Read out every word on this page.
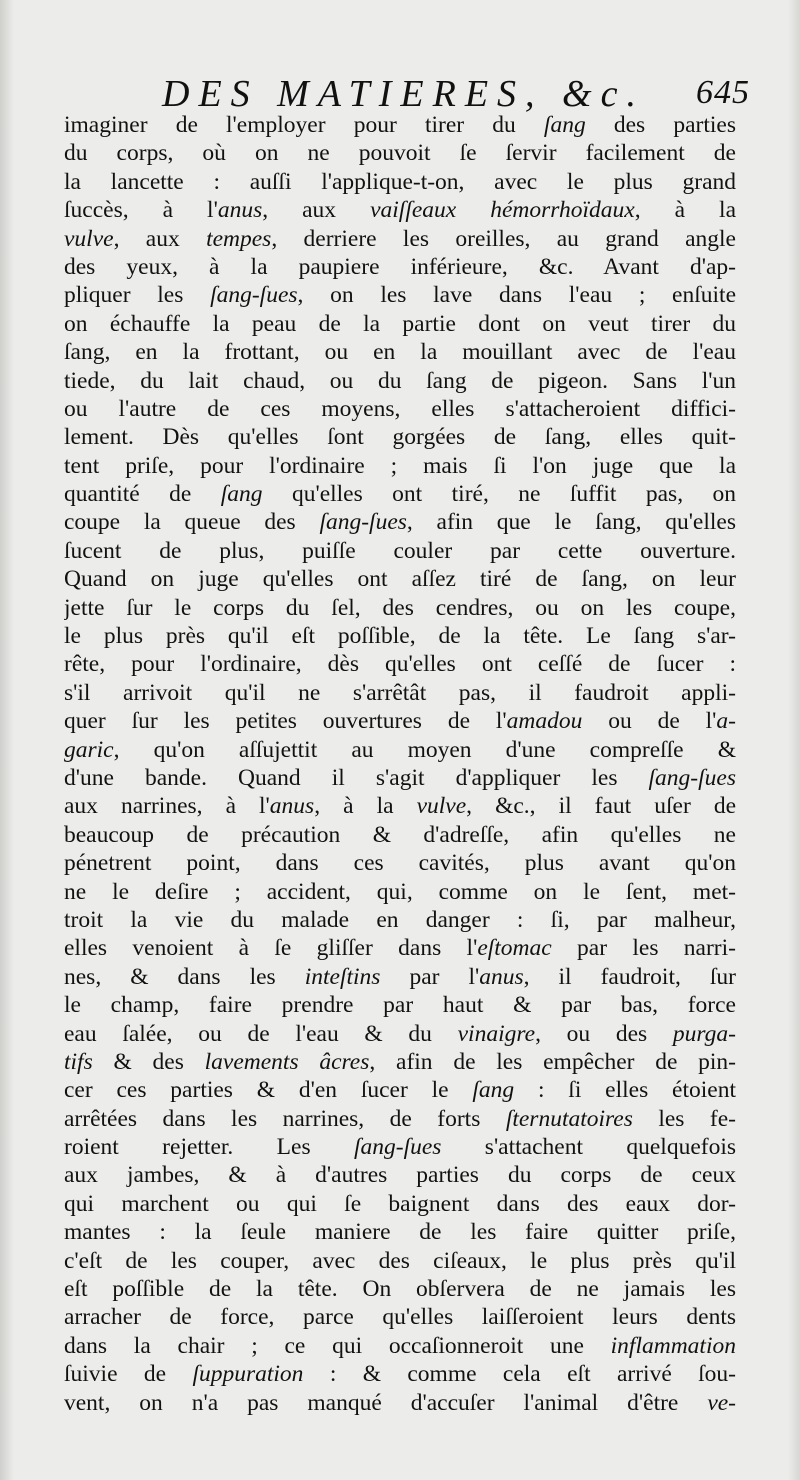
DES MATIERES, &c. 645
imaginer de l'employer pour tirer du ſang des parties
du corps, où on ne pouvoit ſe ſervir facilement de
la lancette : auſſi l'applique-t-on, avec le plus grand
ſuccès, à l'anus, aux vaiſſeaux hémorrhoïdaux, à la
vulve, aux tempes, derriere les oreilles, au grand angle
des yeux, à la paupiere inférieure, &c. Avant d'ap-
pliquer les ſang-ſues, on les lave dans l'eau ; enſuite
on échauffe la peau de la partie dont on veut tirer du
ſang, en la frottant, ou en la mouillant avec de l'eau
tiede, du lait chaud, ou du ſang de pigeon. Sans l'un
ou l'autre de ces moyens, elles s'attacheroient diffici-
lement. Dès qu'elles ſont gorgées de ſang, elles quit-
tent priſe, pour l'ordinaire ; mais ſi l'on juge que la
quantité de ſang qu'elles ont tiré, ne ſuffit pas, on
coupe la queue des ſang-ſues, afin que le ſang, qu'elles
ſucent de plus, puiſſe couler par cette ouverture.
Quand on juge qu'elles ont aſſez tiré de ſang, on leur
jette ſur le corps du ſel, des cendres, ou on les coupe,
le plus près qu'il eſt poſſible, de la tête. Le ſang s'ar-
rête, pour l'ordinaire, dès qu'elles ont ceſſé de ſucer :
s'il arrivoit qu'il ne s'arrêtât pas, il faudroit appli-
quer ſur les petites ouvertures de l'amadou ou de l'a-
garic, qu'on aſſujettit au moyen d'une compreſſe &
d'une bande. Quand il s'agit d'appliquer les ſang-ſues
aux narrines, à l'anus, à la vulve, &c., il faut uſer de
beaucoup de précaution & d'adreſſe, afin qu'elles ne
pénetrent point, dans ces cavités, plus avant qu'on
ne le deſire ; accident, qui, comme on le ſent, met-
troit la vie du malade en danger : ſi, par malheur,
elles venoient à ſe gliſſer dans l'eſtomac par les narri-
nes, & dans les inteſtins par l'anus, il faudroit, ſur
le champ, faire prendre par haut & par bas, force
eau ſalée, ou de l'eau & du vinaigre, ou des purga-
tifs & des lavements âcres, afin de les empêcher de pin-
cer ces parties & d'en ſucer le ſang : ſi elles étoient
arrêtées dans les narrines, de forts ſternutatoires les fe-
roient rejetter. Les ſang-ſues s'attachent quelquefois
aux jambes, & à d'autres parties du corps de ceux
qui marchent ou qui ſe baignent dans des eaux dor-
mantes : la ſeule maniere de les faire quitter priſe,
c'eſt de les couper, avec des ciſeaux, le plus près qu'il
eſt poſſible de la tête. On obſervera de ne jamais les
arracher de force, parce qu'elles laiſſeroient leurs dents
dans la chair ; ce qui occaſionneroit une inflammation
ſuivie de ſuppuration : & comme cela eſt arrivé ſou-
vent, on n'a pas manqué d'accuſer l'animal d'être ve-
